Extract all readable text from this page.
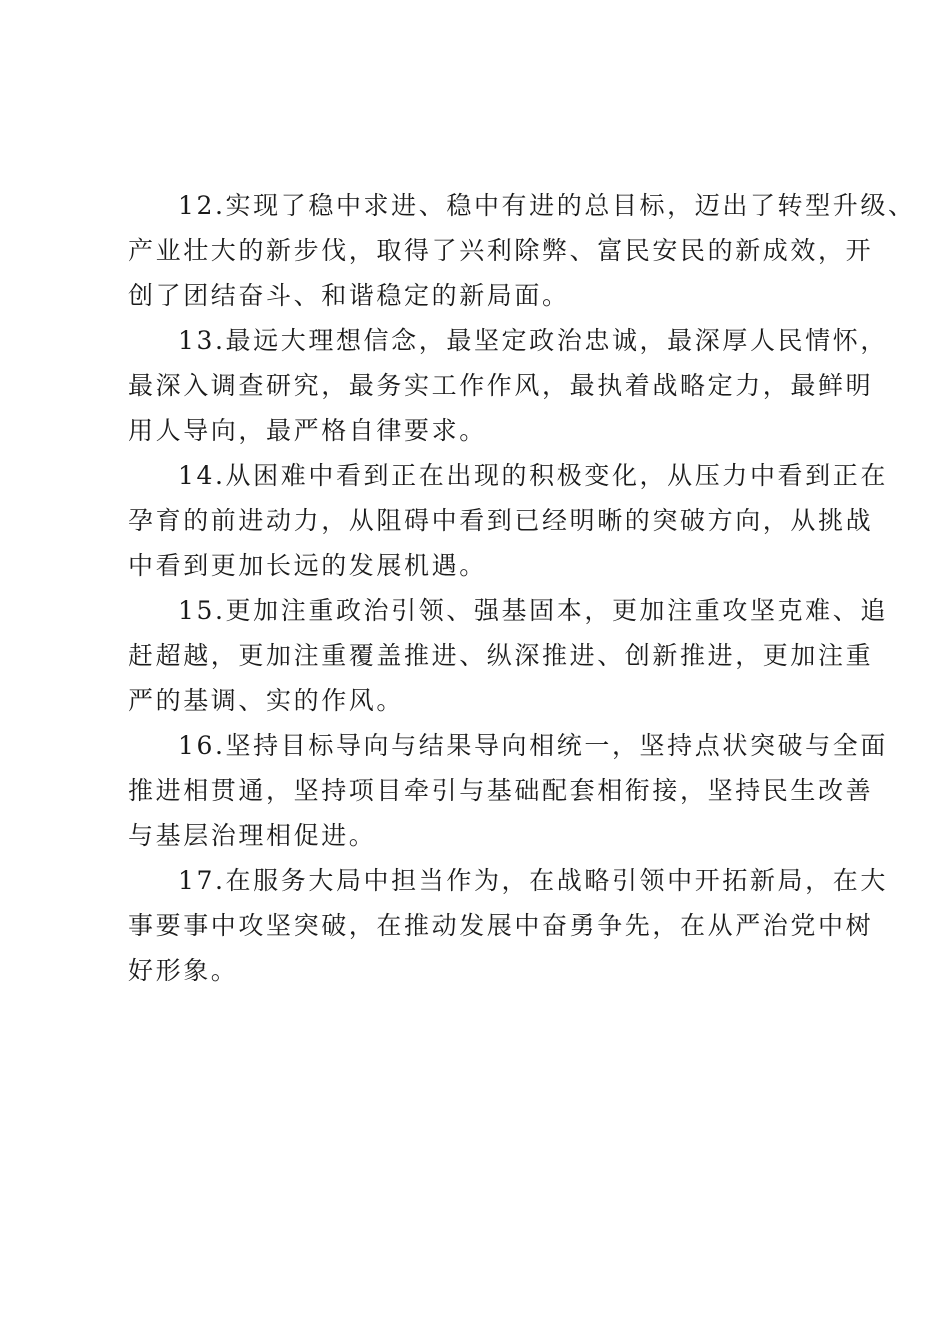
12.实现了稳中求进、稳中有进的总目标，迈出了转型升级、
产业壮大的新步伐，取得了兴利除弊、富民安民的新成效，开
创了团结奋斗、和谐稳定的新局面。
13.最远大理想信念，最坚定政治忠诚，最深厚人民情怀，
最深入调查研究，最务实工作作风，最执着战略定力，最鲜明
用人导向，最严格自律要求。
14.从困难中看到正在出现的积极变化，从压力中看到正在
孕育的前进动力，从阻碍中看到已经明晰的突破方向，从挑战
中看到更加长远的发展机遇。
15.更加注重政治引领、强基固本，更加注重攻坚克难、追
赶超越，更加注重覆盖推进、纵深推进、创新推进，更加注重
严的基调、实的作风。
16.坚持目标导向与结果导向相统一，坚持点状突破与全面
推进相贯通，坚持项目牵引与基础配套相衔接，坚持民生改善
与基层治理相促进。
17.在服务大局中担当作为，在战略引领中开拓新局，在大
事要事中攻坚突破，在推动发展中奋勇争先，在从严治党中树
好形象。
